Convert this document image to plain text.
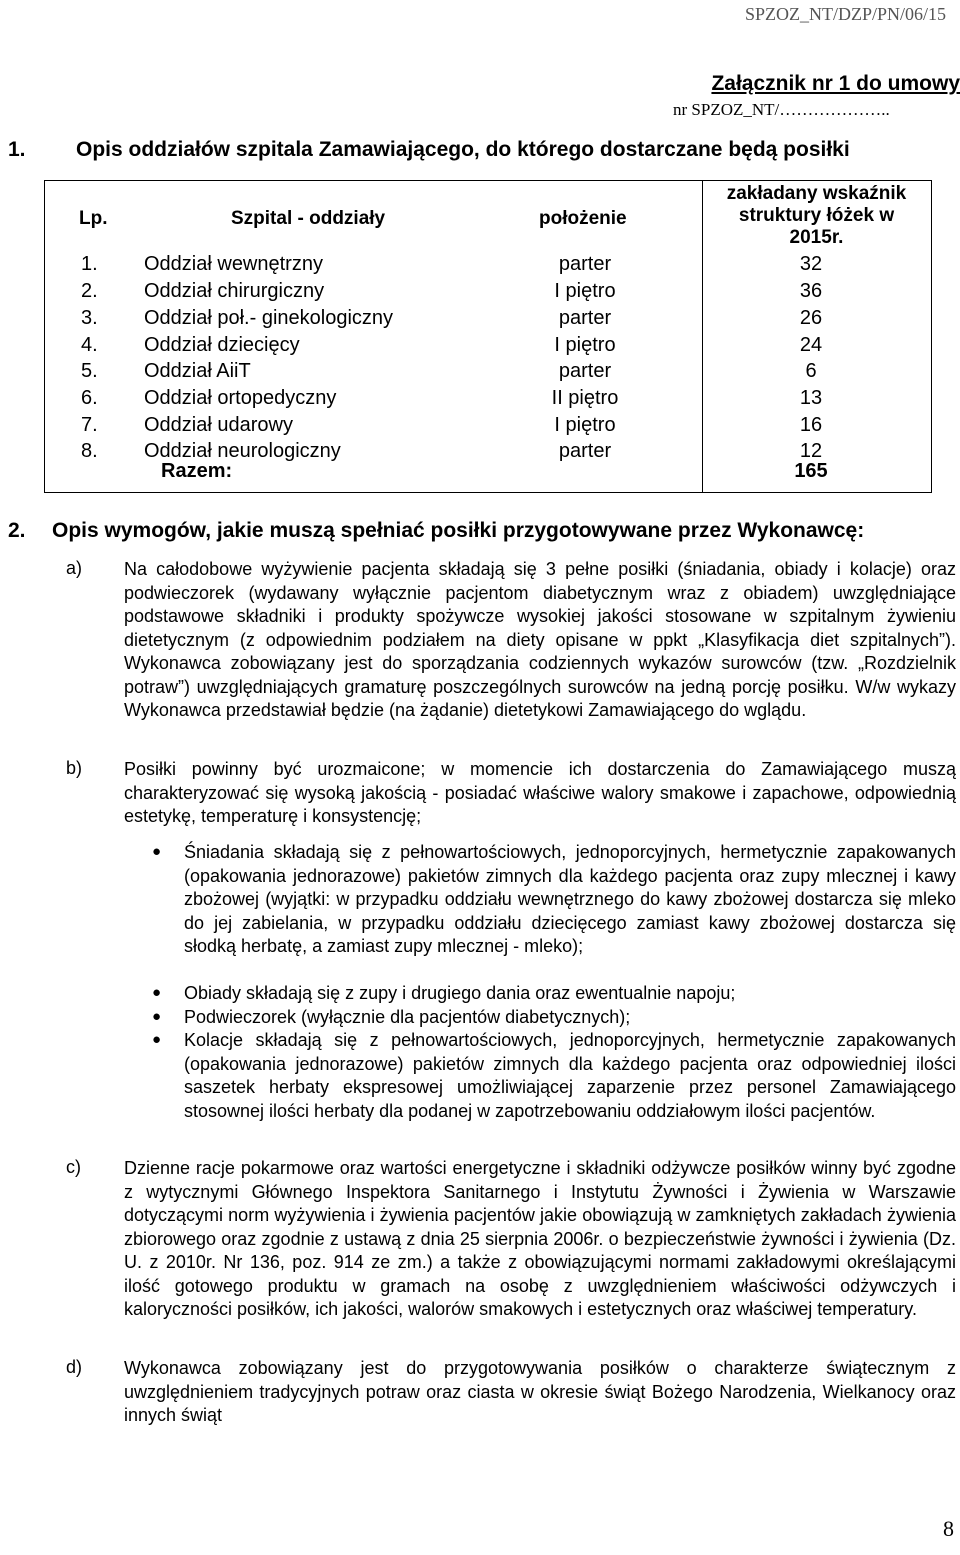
SPZOZ_NT/DZP/PN/06/15
Załącznik nr 1 do umowy
nr SPZOZ_NT/………………..
1. Opis oddziałów szpitala Zamawiającego, do którego dostarczane będą posiłki
Lp.	Szpital - oddziały	położenie
zakładany wskaźnik
struktury łóżek w
2015r.
1. Oddział wewnętrzny	parter	32
2. Oddział chirurgiczny	I piętro	36
3. Oddział poł.- ginekologiczny	parter	26
4. Oddział dziecięcy	I piętro	24
5. Oddział AiiT	parter	6
6. Oddział ortopedyczny	II piętro	13
7. Oddział udarowy	I piętro	16
8. Oddział neurologiczny	parter	12
Razem:	165
2. Opis wymogów, jakie muszą spełniać posiłki przygotowywane przez Wykonawcę:
a) Na całodobowe wyżywienie pacjenta składają się 3 pełne posiłki (śniadania, obiady i kolacje) oraz podwieczorek (wydawany wyłącznie pacjentom diabetycznym wraz z obiadem) uwzględniające podstawowe składniki i produkty spożywcze wysokiej jakości stosowane w szpitalnym żywieniu dietetycznym (z odpowiednim podziałem na diety opisane w ppkt „Klasyfikacja diet szpitalnych”). Wykonawca zobowiązany jest do sporządzania codziennych wykazów surowców (tzw. „Rozdzielnik potraw”) uwzględniających gramaturę poszczególnych surowców na jedną porcję posiłku. W/w wykazy Wykonawca przedstawiał będzie (na żądanie) dietetykowi Zamawiającego do wglądu.

b) Posiłki powinny być urozmaicone; w momencie ich dostarczenia do Zamawiającego muszą charakteryzować się wysoką jakością - posiadać właściwe walory smakowe i zapachowe, odpowiednią estetykę, temperaturę i konsystencję;

● Śniadania składają się z pełnowartościowych, jednoporcyjnych, hermetycznie zapakowanych (opakowania jednorazowe) pakietów zimnych dla każdego pacjenta oraz zupy mlecznej i kawy zbożowej (wyjątki: w przypadku oddziału wewnętrznego do kawy zbożowej dostarcza się mleko do jej zabielania, w przypadku oddziału dziecięcego zamiast kawy zbożowej dostarcza się słodką herbatę, a zamiast zupy mlecznej - mleko);

● Obiady składają się z zupy i drugiego dania oraz ewentualnie napoju;

● Podwieczorek (wyłącznie dla pacjentów diabetycznych);

● Kolacje składają się z pełnowartościowych, jednoporcyjnych, hermetycznie zapakowanych (opakowania jednorazowe) pakietów zimnych dla każdego pacjenta oraz odpowiedniej ilości saszetek herbaty ekspresowej umożliwiającej zaparzenie przez personel Zamawiającego stosownej ilości herbaty dla podanej w zapotrzebowaniu oddziałowym ilości pacjentów.

c) Dzienne racje pokarmowe oraz wartości energetyczne i składniki odżywcze posiłków winny być zgodne z wytycznymi Głównego Inspektora Sanitarnego i Instytutu Żywności i Żywienia w Warszawie dotyczącymi norm wyżywienia i żywienia pacjentów jakie obowiązują w zamkniętych zakładach żywienia zbiorowego oraz zgodnie z ustawą z dnia 25 sierpnia 2006r. o bezpieczeństwie żywności i żywienia (Dz. U. z 2010r. Nr 136, poz. 914 ze zm.) a także z obowiązującymi normami zakładowymi określającymi ilość gotowego produktu w gramach na osobę z uwzględnieniem właściwości odżywczych i kaloryczności posiłków, ich jakości, walorów smakowych i estetycznych oraz właściwej temperatury.

d) Wykonawca zobowiązany jest do przygotowywania posiłków o charakterze świątecznym z uwzględnieniem tradycyjnych potraw oraz ciasta w okresie świąt Bożego Narodzenia, Wielkanocy oraz innych świąt

8
